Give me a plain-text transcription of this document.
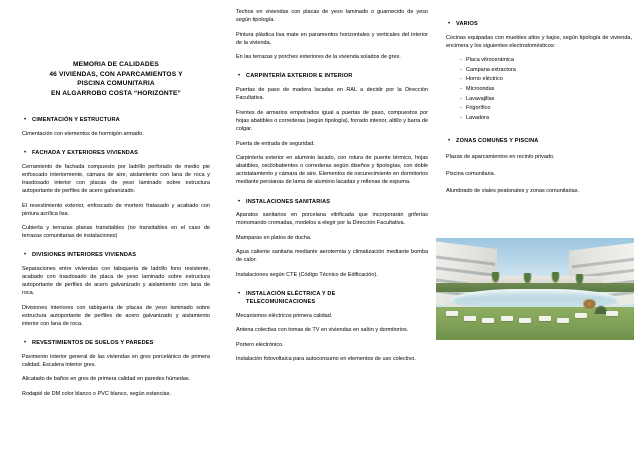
MEMORIA DE CALIDADES
46 VIVIENDAS, CON APARCAMIENTOS Y
PISCINA COMUNITARIA
EN ALGARROBO COSTA “HORIZONTE”
•	CIMENTACIÓN Y ESTRUCTURA

Cimentación con elementos de hormigón armado.

•	FACHADA Y EXTERIORES VIVIENDAS

Cerramiento de fachada compuesto por ladrillo perforado de medio pie enfoscado interiormente, cámara de aire, aislamiento con lana de roca y trasdosado interior con placas de yeso laminado sobre estructura autoportante de perfiles de acero galvanizado.

El revestimiento exterior, enfoscado de mortero fratasado y acabado con pintura acrílica lisa.

Cubierta y terrazas planas transitables (no transitables en el caso de terrazas comunitarias de instalaciones)

•	DIVISIONES INTERIORES VIVIENDAS

Separaciones entre viviendas con tabiquería de ladrillo fono resistente, acabado con trasdosado de placa de yeso laminado sobre estructura autoportante de perfiles de acero galvanizado y aislamiento con lana de roca.

Divisiones interiores con tabiquería de placas de yeso laminado sobre estructura autoportante de perfiles de acero galvanizado y aislamiento interior con lana de roca.

•	REVESTIMIENTOS DE SUELOS Y PAREDES

Pavimento interior general de las viviendas en gres porcelánico de primera calidad. Escalera interior gres.

Alicatado de baños en gres de primera calidad en paredes húmedas.

Rodapié de DM color blanco o PVC blanco, según estancias.

Techos en viviendas con placas de yeso laminado o guarnecido de yeso según tipología.

Pintura plástica lisa mate en paramentos horizontales y verticales del interior de la vivienda.

En las terrazas y porches exteriores de la vivienda solados de gres.

•	CARPINTERÍA EXTERIOR E INTERIOR

Puertas de paso de madera lacadas en RAL a decidir por la Dirección Facultativa.

Frentes de armarios empotrados igual a puertas de paso, compuestos por hojas abatibles o correderas (según tipología), forrado interior, altillo y barra de colgar.

Puerta de entrada de seguridad.

Carpintería exterior en aluminio lacado, con rotura de puente térmico, hojas abatibles, oscilobatientes o correderas según diseños y tipologías, con doble acristalamiento y cámara de aire. Elementos de oscurecimiento en dormitorios mediante persianas de lama de aluminio lacadas y rellenas de espuma.

•	INSTALACIONES SANITARIAS

Aparatos sanitarios en porcelana vitrificada que incorporarán griferías monomando cromadas, modelos a elegir por la Dirección Facultativa.

Mamparas en platos de ducha.

Agua caliente sanitaria mediante aerotermia y climatización mediante bomba de calor.

Instalaciones según CTE (Código Técnico de Edificación).

•	INSTALACIÓN ELÉCTRICA Y DE TELECOMUNICACIONES

Mecanismos eléctricos primera calidad.

Antena colectiva con tomas de TV en viviendas en salón y dormitorios.

Portero electrónico.

Instalación fotovoltaica para autoconsumo en elementos de uso colectivo.

•	VARIOS

Cocinas equipadas con muebles altos y bajos, según tipología de vivienda, encimera y los siguientes electrodomésticos:

- Placa vitrocerámica
- Campana extractora
- Horno eléctrico
- Microondas
- Lavavajillas
- Frigorífico
- Lavadora
•	ZONAS COMUNES Y PISCINA

Plazas de aparcamientos en recinto privado.

Piscina comunitaria.

Alumbrado de viales peatonales y zonas comunitarias.
